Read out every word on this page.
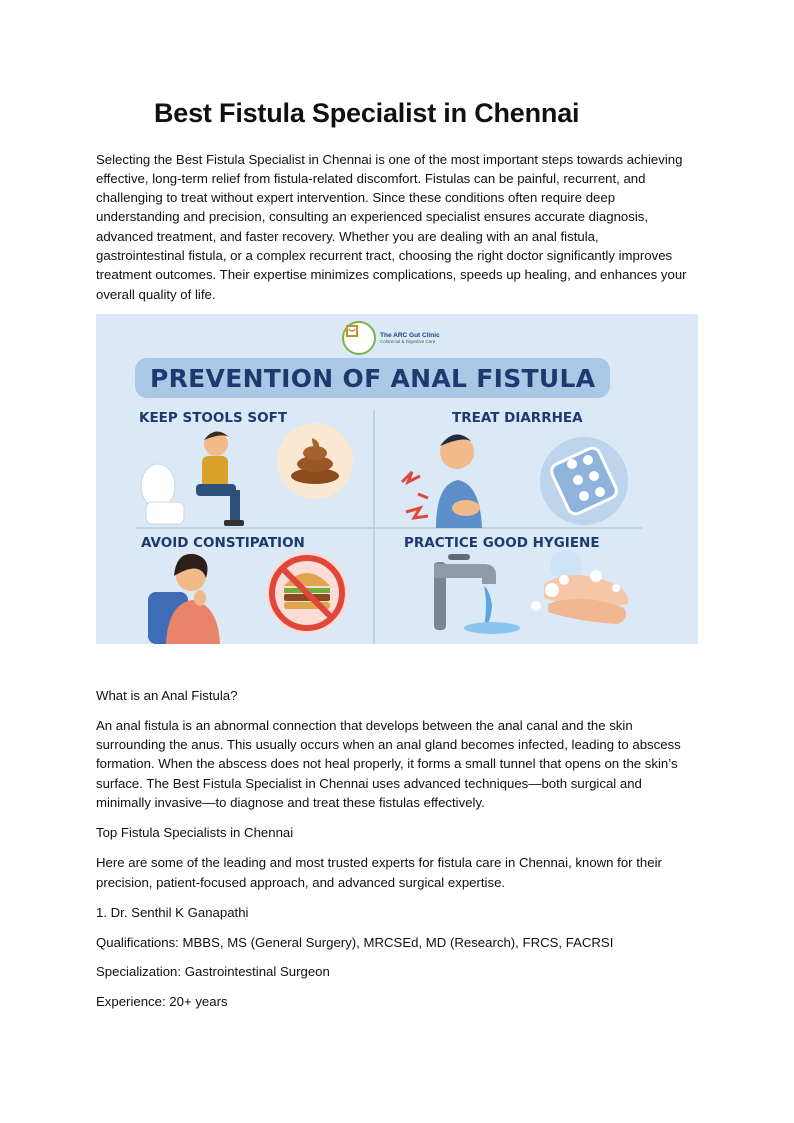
Best Fistula Specialist in Chennai

Selecting the Best Fistula Specialist in Chennai is one of the most important steps towards achieving

effective, long-term relief from fistula-related discomfort. Fistulas can be painful, recurrent, and

challenging to treat without expert intervention. Since these conditions often require deep

understanding and precision, consulting an experienced specialist ensures accurate diagnosis,

advanced treatment, and faster recovery. Whether you are dealing with an anal fistula,

gastrointestinal fistula, or a complex recurrent tract, choosing the right doctor significantly improves

treatment outcomes. Their expertise minimizes complications, speeds up healing, and enhances your

overall quality of life.

The ARC Gut Clinic
Colorectal & Digestive Care

PREVENTION OF ANAL FISTULA

KEEP STOOLS SOFT	TREAT DIARRHEA

AVOID CONSTIPATION	PRACTICE GOOD HYGIENE

What is an Anal Fistula?

An anal fistula is an abnormal connection that develops between the anal canal and the skin

surrounding the anus. This usually occurs when an anal gland becomes infected, leading to abscess

formation. When the abscess does not heal properly, it forms a small tunnel that opens on the skin’s

surface. The Best Fistula Specialist in Chennai uses advanced techniques—both surgical and

minimally invasive—to diagnose and treat these fistulas effectively.

Top Fistula Specialists in Chennai

Here are some of the leading and most trusted experts for fistula care in Chennai, known for their

precision, patient-focused approach, and advanced surgical expertise.

1. Dr. Senthil K Ganapathi

Qualifications: MBBS, MS (General Surgery), MRCSEd, MD (Research), FRCS, FACRSI

Specialization: Gastrointestinal Surgeon

Experience: 20+ years
